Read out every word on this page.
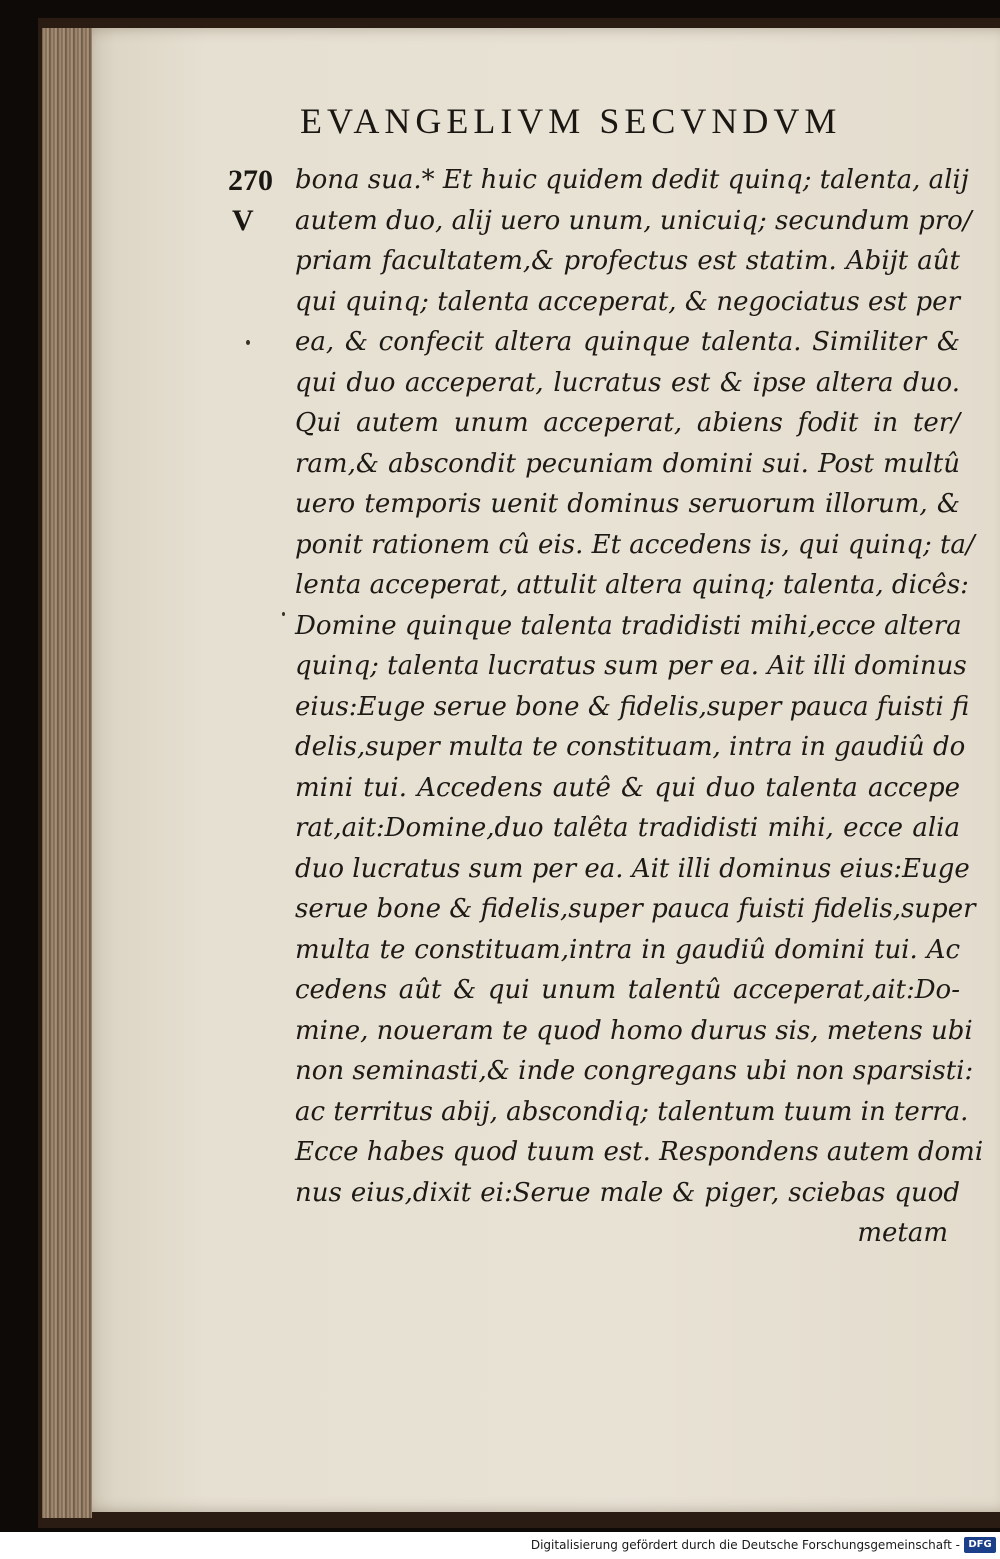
EVANGELIVM SECVNDVM
270
V
bona sua.* Et huic quidem dedit quinq; talenta, alij
autem duo, alij uero unum, unicuiq; secundum pro/
priam facultatem,& profectus est statim. Abijt aût
qui quinq; talenta acceperat, & negociatus est per
ea, & confecit altera quinque talenta. Similiter &
qui duo acceperat, lucratus est & ipse altera duo.
Qui autem unum acceperat, abiens fodit in ter/
ram,& abscondit pecuniam domini sui. Post multû
uero temporis uenit dominus seruorum illorum, &
ponit rationem cû eis. Et accedens is, qui quinq; ta/
lenta acceperat, attulit altera quinq; talenta, dicês:
Domine quinque talenta tradidisti mihi,ecce altera
quinq; talenta lucratus sum per ea. Ait illi dominus
eius:Euge serue bone & fidelis,super pauca fuisti fi
delis,super multa te constituam, intra in gaudiû do
mini tui. Accedens autê & qui duo talenta accepe
rat,ait:Domine,duo talêta tradidisti mihi, ecce alia
duo lucratus sum per ea. Ait illi dominus eius:Euge
serue bone & fidelis,super pauca fuisti fidelis,super
multa te constituam,intra in gaudiû domini tui. Ac
cedens aût & qui unum talentû acceperat,ait:Do-
mine, noueram te quod homo durus sis, metens ubi
non seminasti,& inde congregans ubi non sparsisti:
ac territus abij, abscondiq; talentum tuum in terra.
Ecce habes quod tuum est. Respondens autem domi
nus eius,dixit ei:Serue male & piger, sciebas quod
metam
Digitalisierung gefördert durch die Deutsche Forschungsgemeinschaft - DFG
